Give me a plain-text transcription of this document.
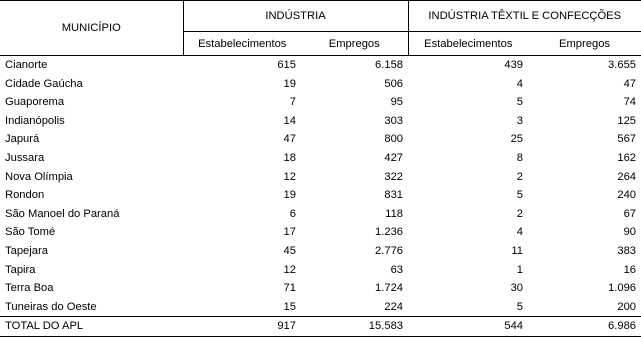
MUNICÍPIO	INDÚSTRIA		INDÚSTRIA TÊXTIL E CONFECÇÕES	
	Estabelecimentos	Empregos	Estabelecimentos	Empregos
Cianorte	615	6.158	439	3.655
Cidade Gaúcha	19	506	4	47
Guaporema	7	95	5	74
Indianópolis	14	303	3	125
Japurá	47	800	25	567
Jussara	18	427	8	162
Nova Olímpia	12	322	2	264
Rondon	19	831	5	240
São Manoel do Paraná	6	118	2	67
São Tomé	17	1.236	4	90
Tapejara	45	2.776	11	383
Tapira	12	63	1	16
Terra Boa	71	1.724	30	1.096
Tuneiras do Oeste	15	224	5	200
TOTAL DO APL	917	15.583	544	6.986
